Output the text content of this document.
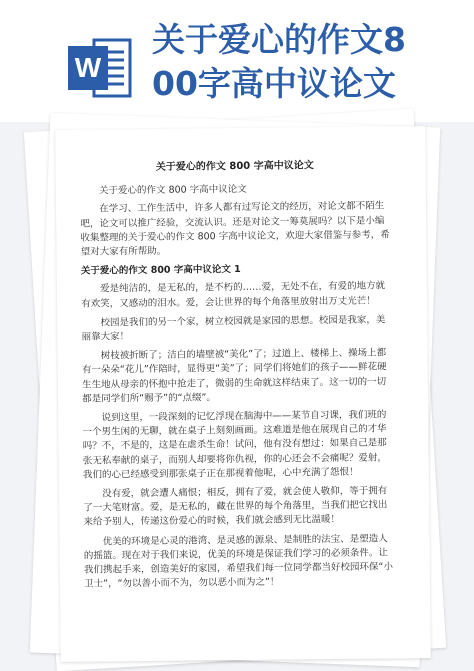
W
关于爱心的作文8
00字高中议论文
关于爱心的作文 800 字高中议论文
关于爱心的作文 800 字高中议论文

在学习、工作生活中，许多人都有过写论文的经历，对论文都不陌生吧，论文可以推广经验，交流认识。还是对论文一筹莫展吗？以下是小编收集整理的关于爱心的作文 800 字高中议论文，欢迎大家借鉴与参考，希望对大家有所帮助。

关于爱心的作文 800 字高中议论文 1

爱是纯洁的，是无私的，是不朽的……爱，无处不在，有爱的地方就有欢笑，又感动的泪水。爱，会让世界的每个角落里放射出万丈光芒！

校园是我们的另一个家，树立校园就是家园的思想。校园是我家，美丽靠大家！

树枝被折断了；洁白的墙壁被“美化”了；过道上、楼梯上、操场上都有一朵朵“花儿”作陪时，显得更“美”了；同学们将她们的孩子——鲜花硬生生地从母亲的怀抱中抢走了，微弱的生命就这样结束了。这一切的一切都是同学们所“赐予”的“点缀”。

说到这里，一段深刻的记忆浮现在脑海中——某节自习课，我们班的一个男生闲的无聊，就在桌子上刻刻画画。这难道是他在展现自己的才华吗？不，不是的，这是在虐杀生命！试问，他有没有想过：如果自己是那张无私奉献的桌子，而别人却要将你仇视，你的心还会不会痛呢？爱射，我们的心已经感受到那张桌子正在那视着他呢，心中充满了怨恨！

没有爱，就会遭人痛恨；相反，拥有了爱，就会使人敬仰，等于拥有了一大笔财富。爱，是无私的，藏在世界的每个角落里，当我们把它找出来给予别人，传递这份爱心的时候，我们就会感到无比温暖！

优美的环境是心灵的港湾、是灵感的源泉、是制胜的法宝、是塑造人的摇篮。现在对于我们来说，优美的环境是保证我们学习的必须条件。让我们携起手来，创造美好的家园，希望我们每一位同学都当好校园环保“小卫士”，“勿以善小而不为，勿以恶小而为之”！
